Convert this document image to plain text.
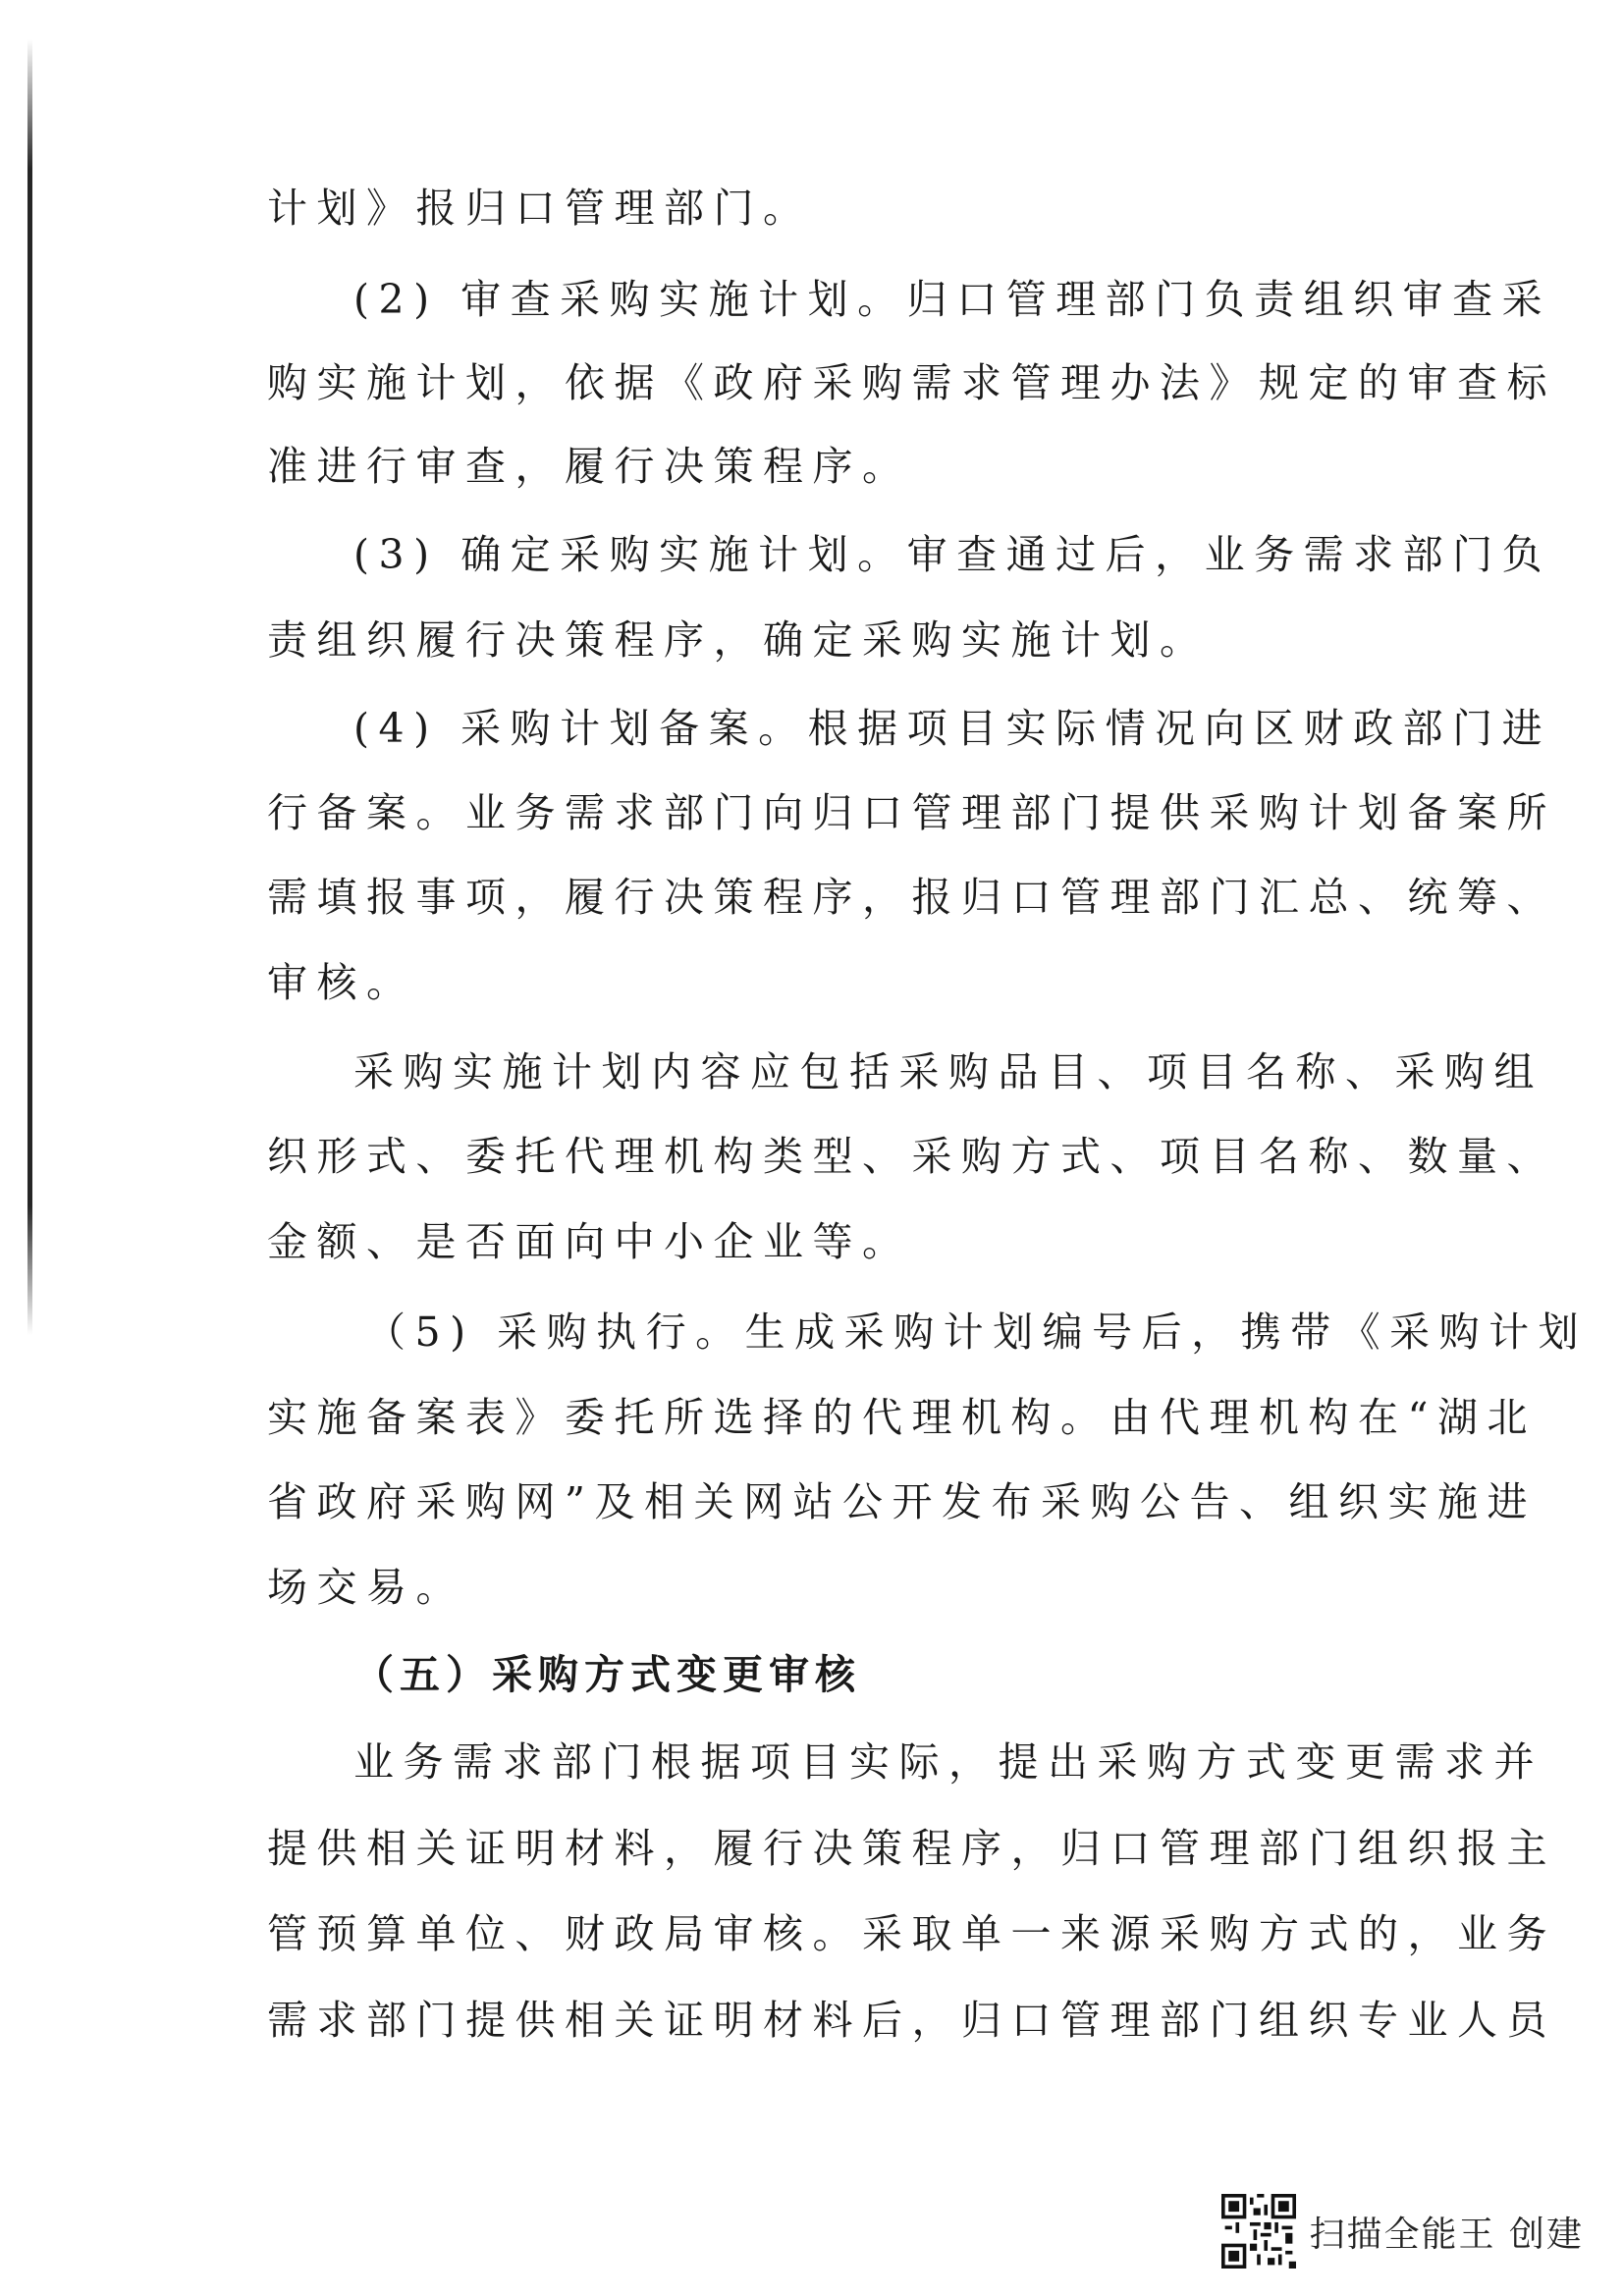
计划》报归口管理部门。
(2) 审查采购实施计划。归口管理部门负责组织审查采
购实施计划，依据《政府采购需求管理办法》规定的审查标
准进行审查，履行决策程序。
(3) 确定采购实施计划。审查通过后，业务需求部门负
责组织履行决策程序，确定采购实施计划。
(4) 采购计划备案。根据项目实际情况向区财政部门进
行备案。业务需求部门向归口管理部门提供采购计划备案所
需填报事项，履行决策程序，报归口管理部门汇总、统筹、
审核。
采购实施计划内容应包括采购品目、项目名称、采购组
织形式、委托代理机构类型、采购方式、项目名称、数量、
金额、是否面向中小企业等。
（5) 采购执行。生成采购计划编号后，携带《采购计划
实施备案表》委托所选择的代理机构。由代理机构在“湖北
省政府采购网”及相关网站公开发布采购公告、组织实施进
场交易。
（五）采购方式变更审核
业务需求部门根据项目实际，提出采购方式变更需求并
提供相关证明材料，履行决策程序，归口管理部门组织报主
管预算单位、财政局审核。采取单一来源采购方式的，业务
需求部门提供相关证明材料后，归口管理部门组织专业人员
扫描全能王 创建
